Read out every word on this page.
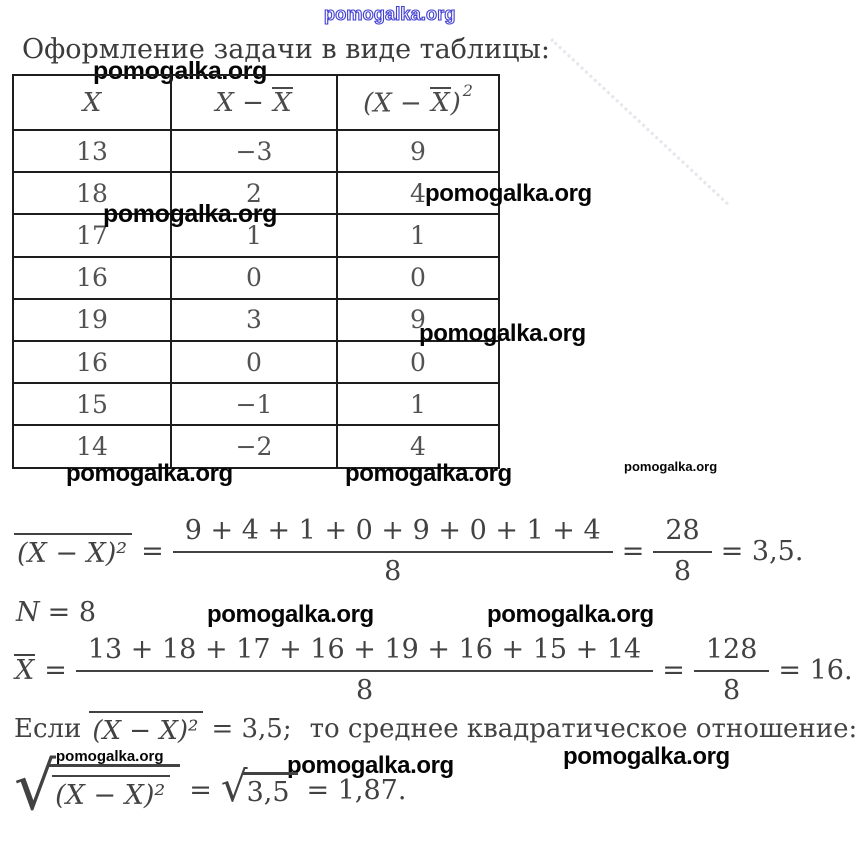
pomogalka.org
Оформление задачи в виде таблицы:
pomogalka.org
X	X − X	(X − X) $^2$
13	−3	9
18	2	4
17	1	1
16	0	0
19	3	9
16	0	0
15	−1	1
14	−2	4
pomogalka.org
pomogalka.org
pomogalka.org
pomogalka.org	pomogalka.org	pomogalka.org
$(X - X)^2 = \frac{9 + 4 + 1 + 0 + 9 + 0 + 1 + 4}{8} = \frac{28}{8} = 3,5$.
N = 8	pomogalka.org	pomogalka.org
$X = \frac{13 + 18 + 17 + 16 + 19 + 16 + 15 + 14}{8} = \frac{128}{8} = 16$.
Если (X − X)² = 3,5; то среднее квадратическое отношение:
pomogalka.org	pomogalka.org	pomogalka.org
√ (X − X)² = √ 3,5 = 1,87.
